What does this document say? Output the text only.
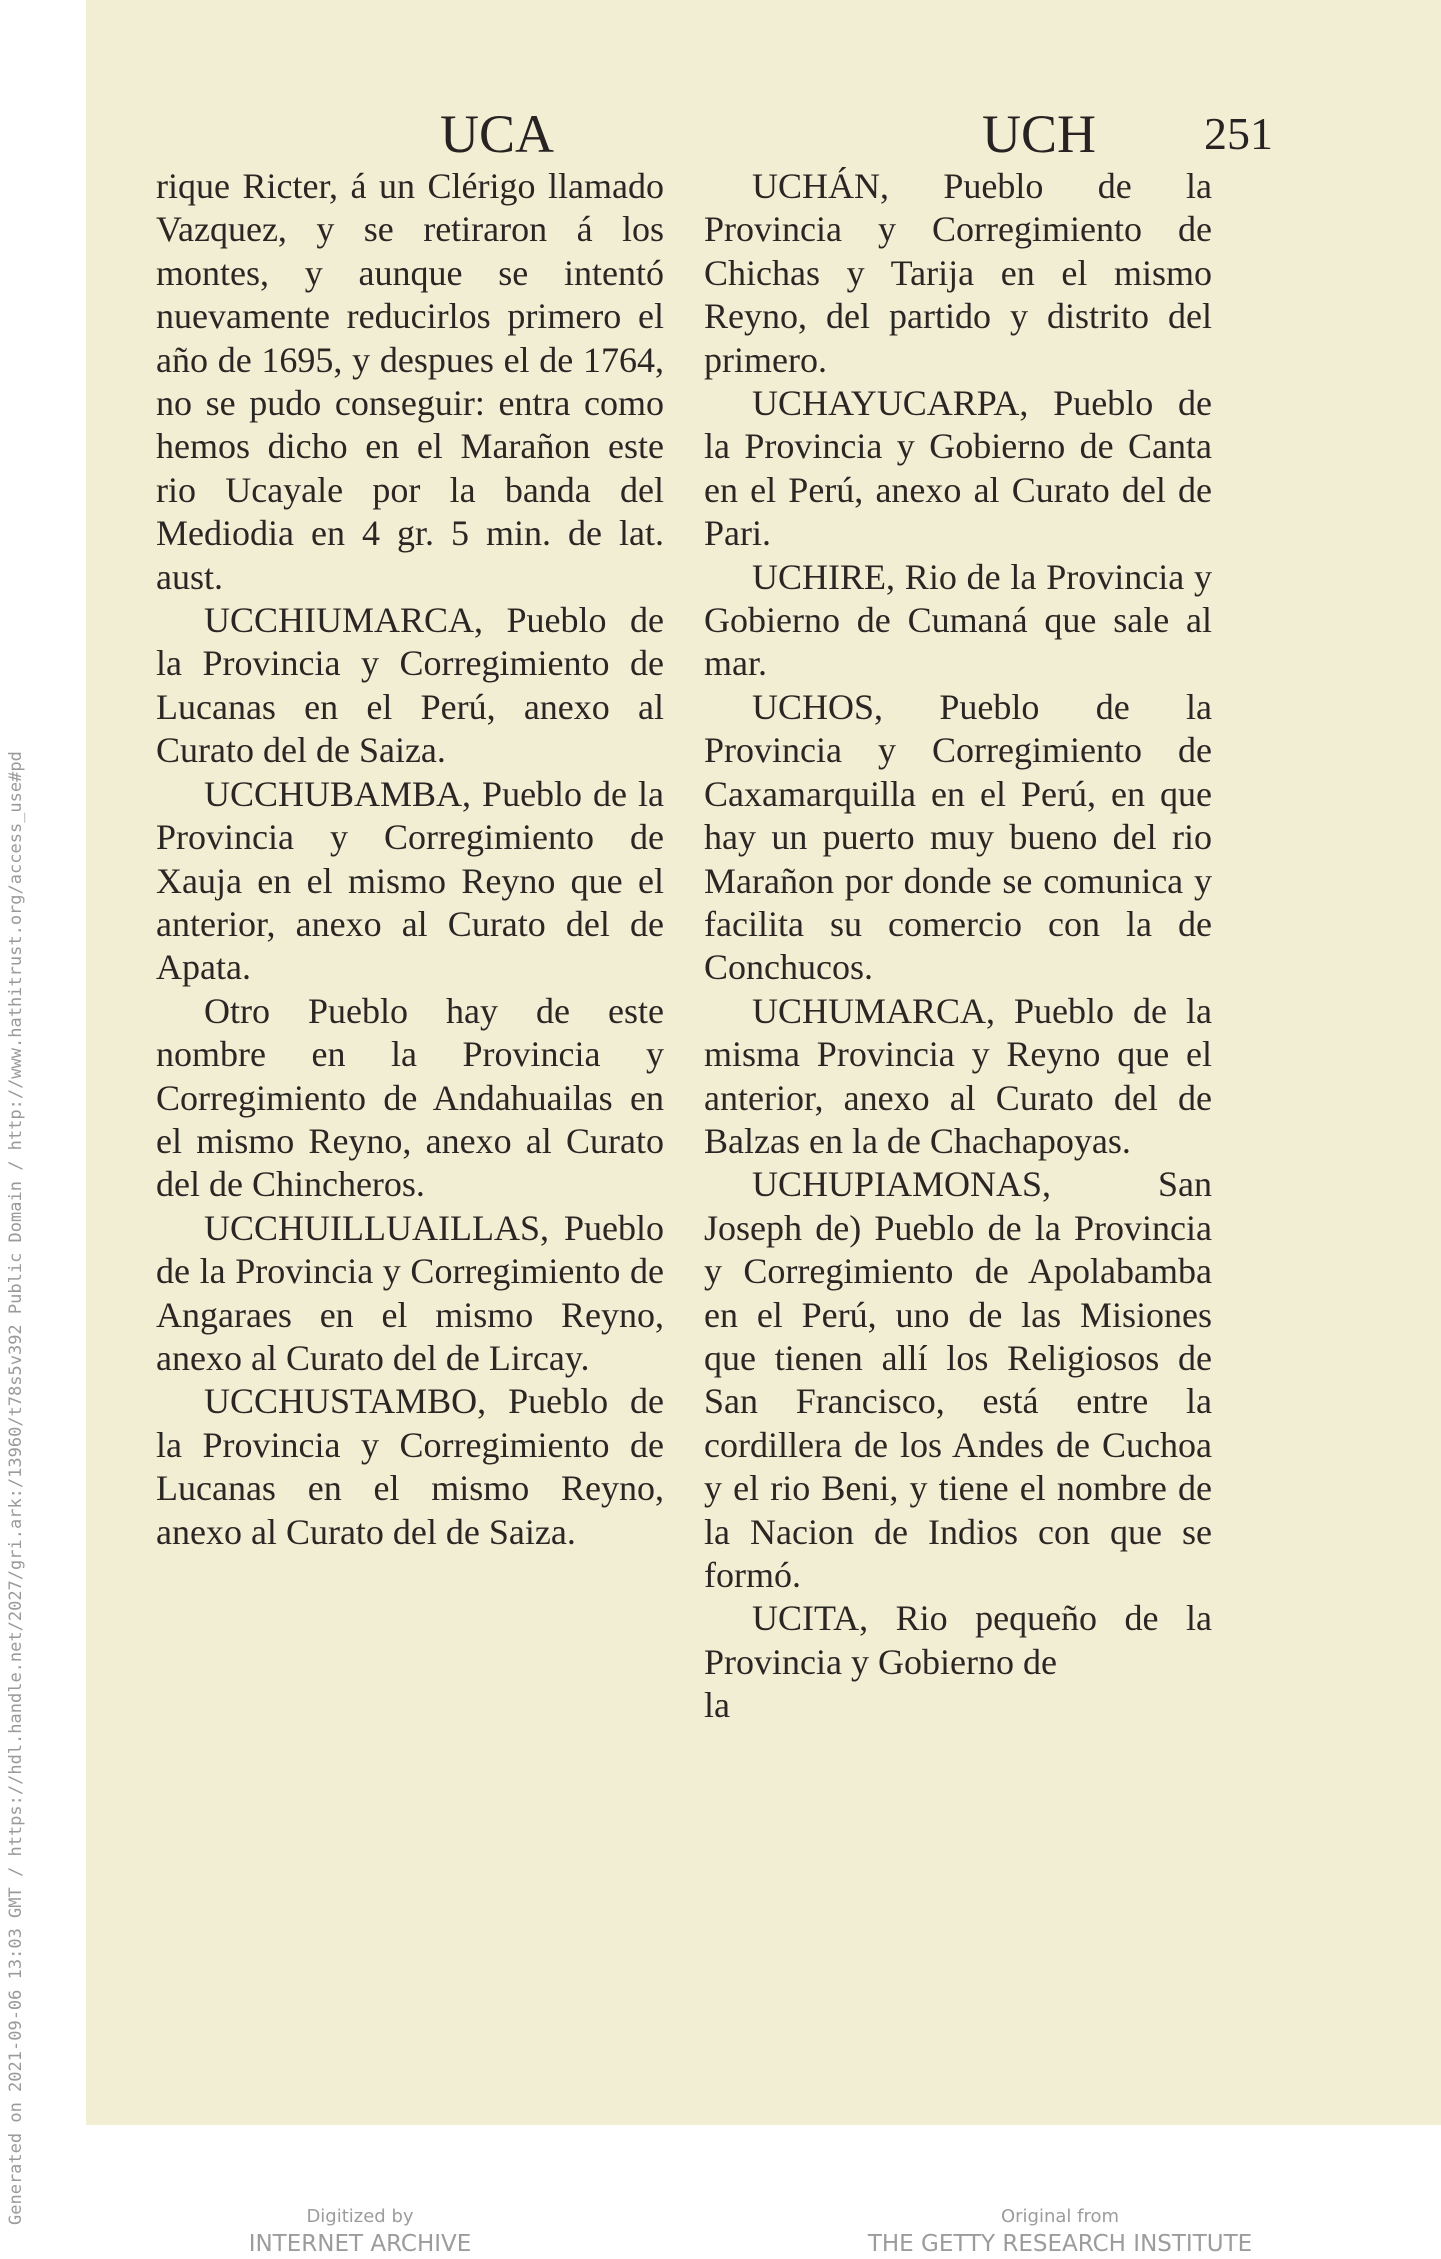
Generated on 2021-09-06 13:03 GMT / https://hdl.handle.net/2027/gri.ark:/13960/t78s5v392 Public Domain / http://www.hathitrust.org/access_use#pd
UCA	UCH 251

rique Ricter, á un Clérigo llamado Vazquez, y se retiraron á los montes, y aunque se intentó nuevamente reducirlos primero el año de 1695, y despues el de 1764, no se pudo conseguir: entra como hemos dicho en el Marañon este rio Ucayale por la banda del Mediodia en 4 gr. 5 min. de lat. aust.

UCCHIUMARCA, Pueblo de la Provincia y Corregimiento de Lucanas en el Perú, anexo al Curato del de Saiza.

UCCHUBAMBA, Pueblo de la Provincia y Corregimiento de Xauja en el mismo Reyno que el anterior, anexo al Curato del de Apata.

Otro Pueblo hay de este nombre en la Provincia y Corregimiento de Andahuailas en el mismo Reyno, anexo al Curato del de Chincheros.

UCCHUILLUAILLAS, Pueblo de la Provincia y Corregimiento de Angaraes en el mismo Reyno, anexo al Curato del de Lircay.

UCCHUSTAMBO, Pueblo de la Provincia y Corregimiento de Lucanas en el mismo Reyno, anexo al Curato del de Saiza.

UCHÁN, Pueblo de la Provincia y Corregimiento de Chichas y Tarija en el mismo Reyno, del partido y distrito del primero.

UCHAYUCARPA, Pueblo de la Provincia y Gobierno de Canta en el Perú, anexo al Curato del de Pari.

UCHIRE, Rio de la Provincia y Gobierno de Cumaná que sale al mar.

UCHOS, Pueblo de la Provincia y Corregimiento de Caxamarquilla en el Perú, en que hay un puerto muy bueno del rio Marañon por donde se comunica y facilita su comercio con la de Conchucos.

UCHUMARCA, Pueblo de la misma Provincia y Reyno que el anterior, anexo al Curato del de Balzas en la de Chachapoyas.

UCHUPIAMONAS, San Joseph de) Pueblo de la Provincia y Corregimiento de Apolabamba en el Perú, uno de las Misiones que tienen allí los Religiosos de San Francisco, está entre la cordillera de los Andes de Cuchoa y el rio Beni, y tiene el nombre de la Nacion de Indios con que se formó.

UCITA, Rio pequeño de la Provincia y Gobierno de

la

Digitized by
INTERNET ARCHIVE
Original from
THE GETTY RESEARCH INSTITUTE
